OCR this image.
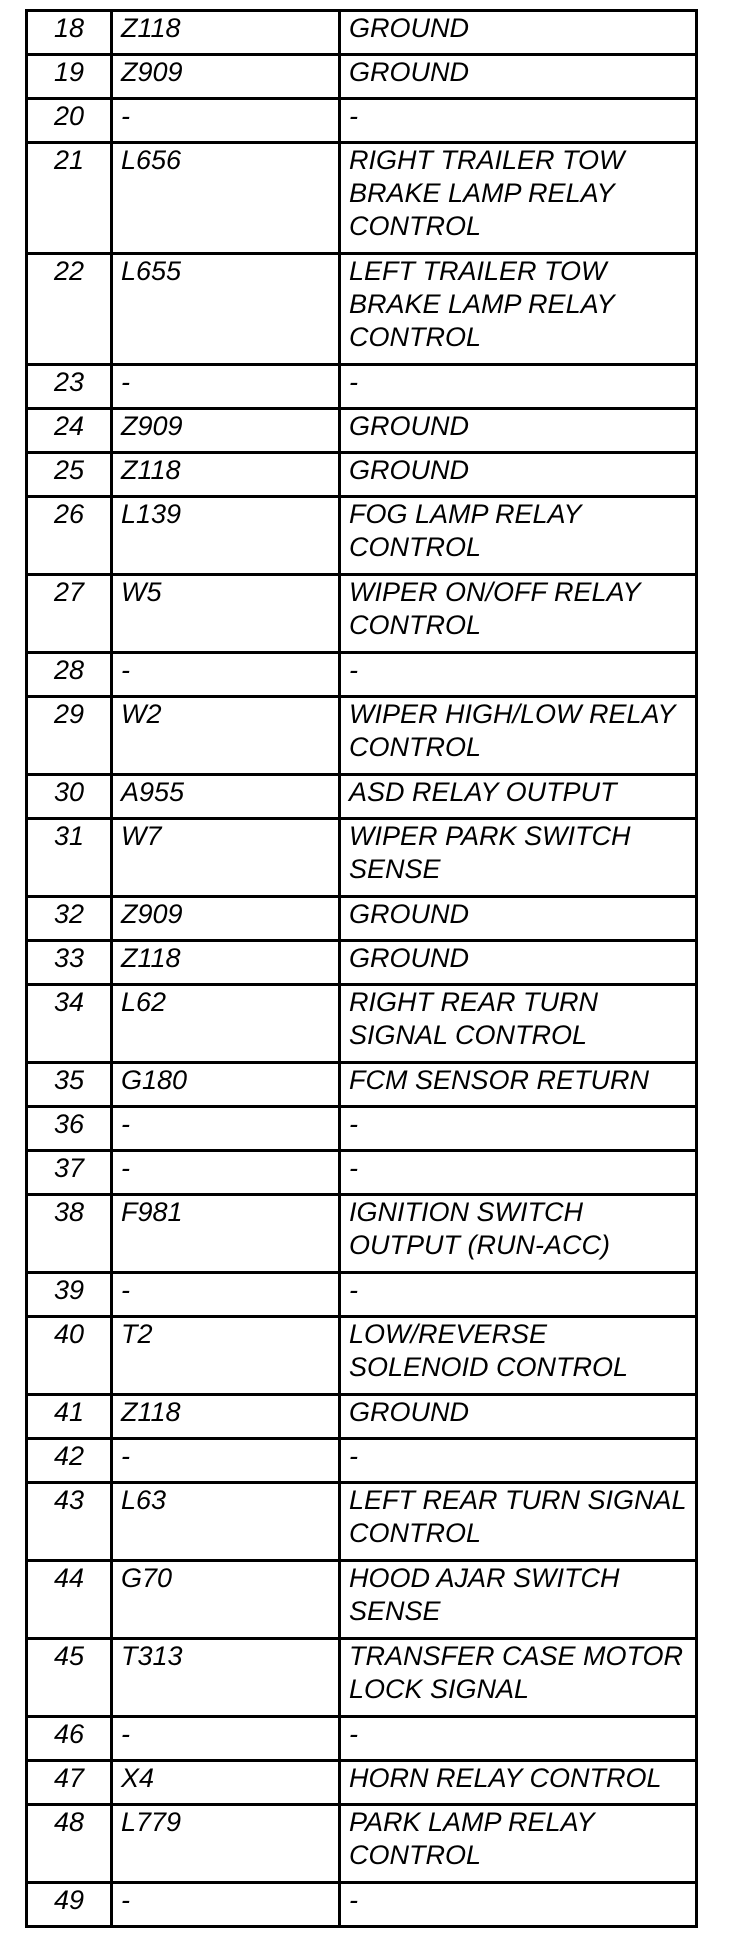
18	Z118	GROUND
19	Z909	GROUND
20	-	-
21	L656	RIGHT TRAILER TOW BRAKE LAMP RELAY CONTROL
22	L655	LEFT TRAILER TOW BRAKE LAMP RELAY CONTROL
23	-	-
24	Z909	GROUND
25	Z118	GROUND
26	L139	FOG LAMP RELAY CONTROL
27	W5	WIPER ON/OFF RELAY CONTROL
28	-	-
29	W2	WIPER HIGH/LOW RELAY CONTROL
30	A955	ASD RELAY OUTPUT
31	W7	WIPER PARK SWITCH SENSE
32	Z909	GROUND
33	Z118	GROUND
34	L62	RIGHT REAR TURN SIGNAL CONTROL
35	G180	FCM SENSOR RETURN
36	-	-
37	-	-
38	F981	IGNITION SWITCH OUTPUT (RUN-ACC)
39	-	-
40	T2	LOW/REVERSE SOLENOID CONTROL
41	Z118	GROUND
42	-	-
43	L63	LEFT REAR TURN SIGNAL CONTROL
44	G70	HOOD AJAR SWITCH SENSE
45	T313	TRANSFER CASE MOTOR LOCK SIGNAL
46	-	-
47	X4	HORN RELAY CONTROL
48	L779	PARK LAMP RELAY CONTROL
49	-	-
